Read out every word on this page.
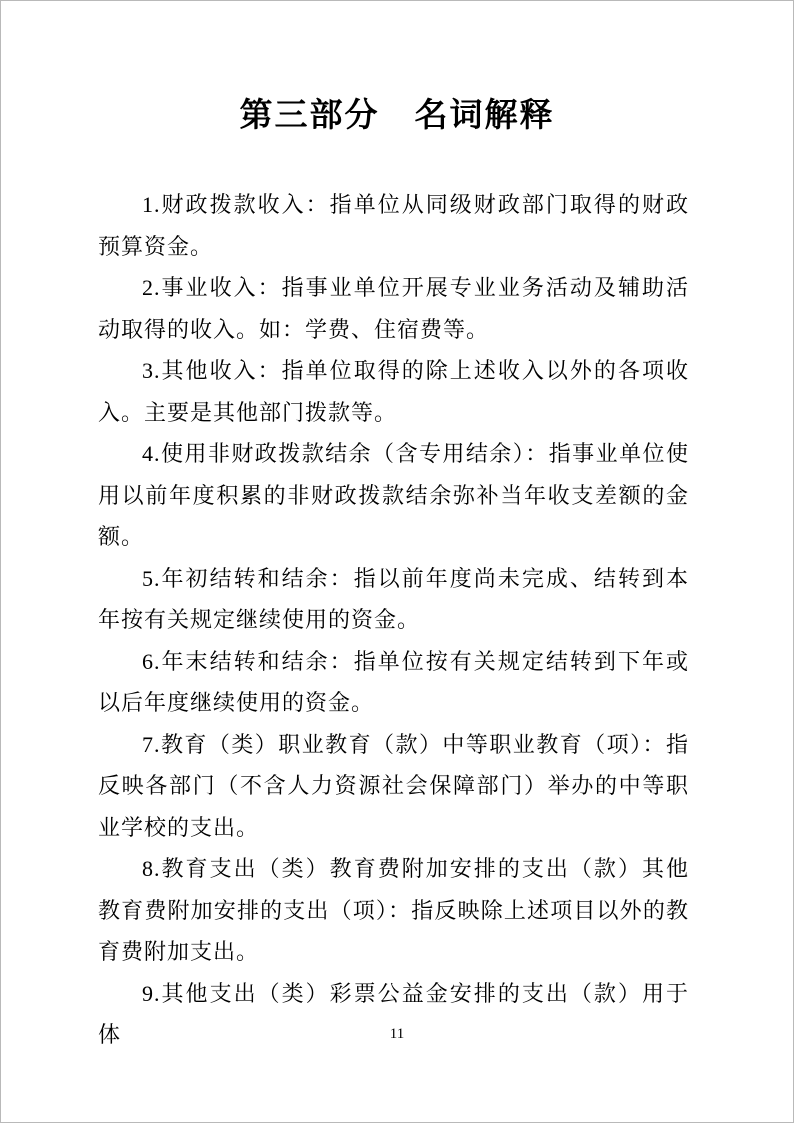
第三部分　名词解释

1.财政拨款收入：指单位从同级财政部门取得的财政预算资金。

2.事业收入：指事业单位开展专业业务活动及辅助活动取得的收入。如：学费、住宿费等。

3.其他收入：指单位取得的除上述收入以外的各项收入。主要是其他部门拨款等。

4.使用非财政拨款结余（含专用结余）：指事业单位使用以前年度积累的非财政拨款结余弥补当年收支差额的金额。

5.年初结转和结余：指以前年度尚未完成、结转到本年按有关规定继续使用的资金。

6.年末结转和结余：指单位按有关规定结转到下年或以后年度继续使用的资金。

7.教育（类）职业教育（款）中等职业教育（项）：指反映各部门（不含人力资源社会保障部门）举办的中等职业学校的支出。

8.教育支出（类）教育费附加安排的支出（款）其他教育费附加安排的支出（项）：指反映除上述项目以外的教育费附加支出。

9.其他支出（类）彩票公益金安排的支出（款）用于体	11
